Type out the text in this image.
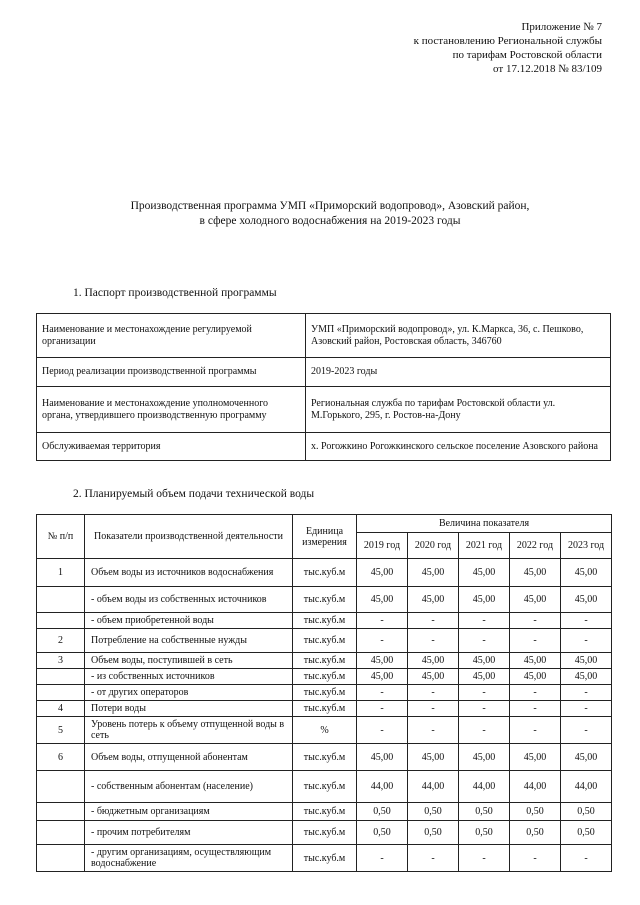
Приложение № 7
к постановлению Региональной службы
по тарифам Ростовской области
от 17.12.2018 № 83/109
Производственная программа УМП «Приморский водопровод», Азовский район,
в сфере холодного водоснабжения на 2019-2023 годы
1. Паспорт производственной программы
Наименование и местонахождение регулируемой организации	УМП «Приморский водопровод», ул. К.Маркса, 36, с. Пешково, Азовский район, Ростовская область, 346760
Период реализации производственной программы	2019-2023 годы
Наименование и местонахождение уполномоченного органа, утвердившего производственную программу	Региональная служба по тарифам Ростовской области ул. М.Горького, 295, г. Ростов-на-Дону
Обслуживаемая территория	х. Рогожкино Рогожкинского сельское поселение Азовского района
2. Планируемый объем подачи технической воды
№ п/п	Показатели производственной деятельности	Единица измерения	Величина показателя				
			2019 год	2020 год	2021 год	2022 год	2023 год
1	Объем воды из источников водоснабжения	тыс.куб.м	45,00	45,00	45,00	45,00	45,00
	- объем воды из собственных источников	тыс.куб.м	45,00	45,00	45,00	45,00	45,00
	- объем приобретенной воды	тыс.куб.м	-	-	-	-	-
2	Потребление на собственные нужды	тыс.куб.м	-	-	-	-	-
3	Объем воды, поступившей в сеть	тыс.куб.м	45,00	45,00	45,00	45,00	45,00
	- из собственных источников	тыс.куб.м	45,00	45,00	45,00	45,00	45,00
	- от других операторов	тыс.куб.м	-	-	-	-	-
4	Потери воды	тыс.куб.м	-	-	-	-	-
5	Уровень потерь к объему отпущенной воды в сеть	%	-	-	-	-	-
6	Объем воды, отпущенной абонентам	тыс.куб.м	45,00	45,00	45,00	45,00	45,00
	- собственным абонентам (население)	тыс.куб.м	44,00	44,00	44,00	44,00	44,00
	- бюджетным организациям	тыс.куб.м	0,50	0,50	0,50	0,50	0,50
	- прочим потребителям	тыс.куб.м	0,50	0,50	0,50	0,50	0,50
	- другим организациям, осуществляющим водоснабжение	тыс.куб.м	-	-	-	-	-
